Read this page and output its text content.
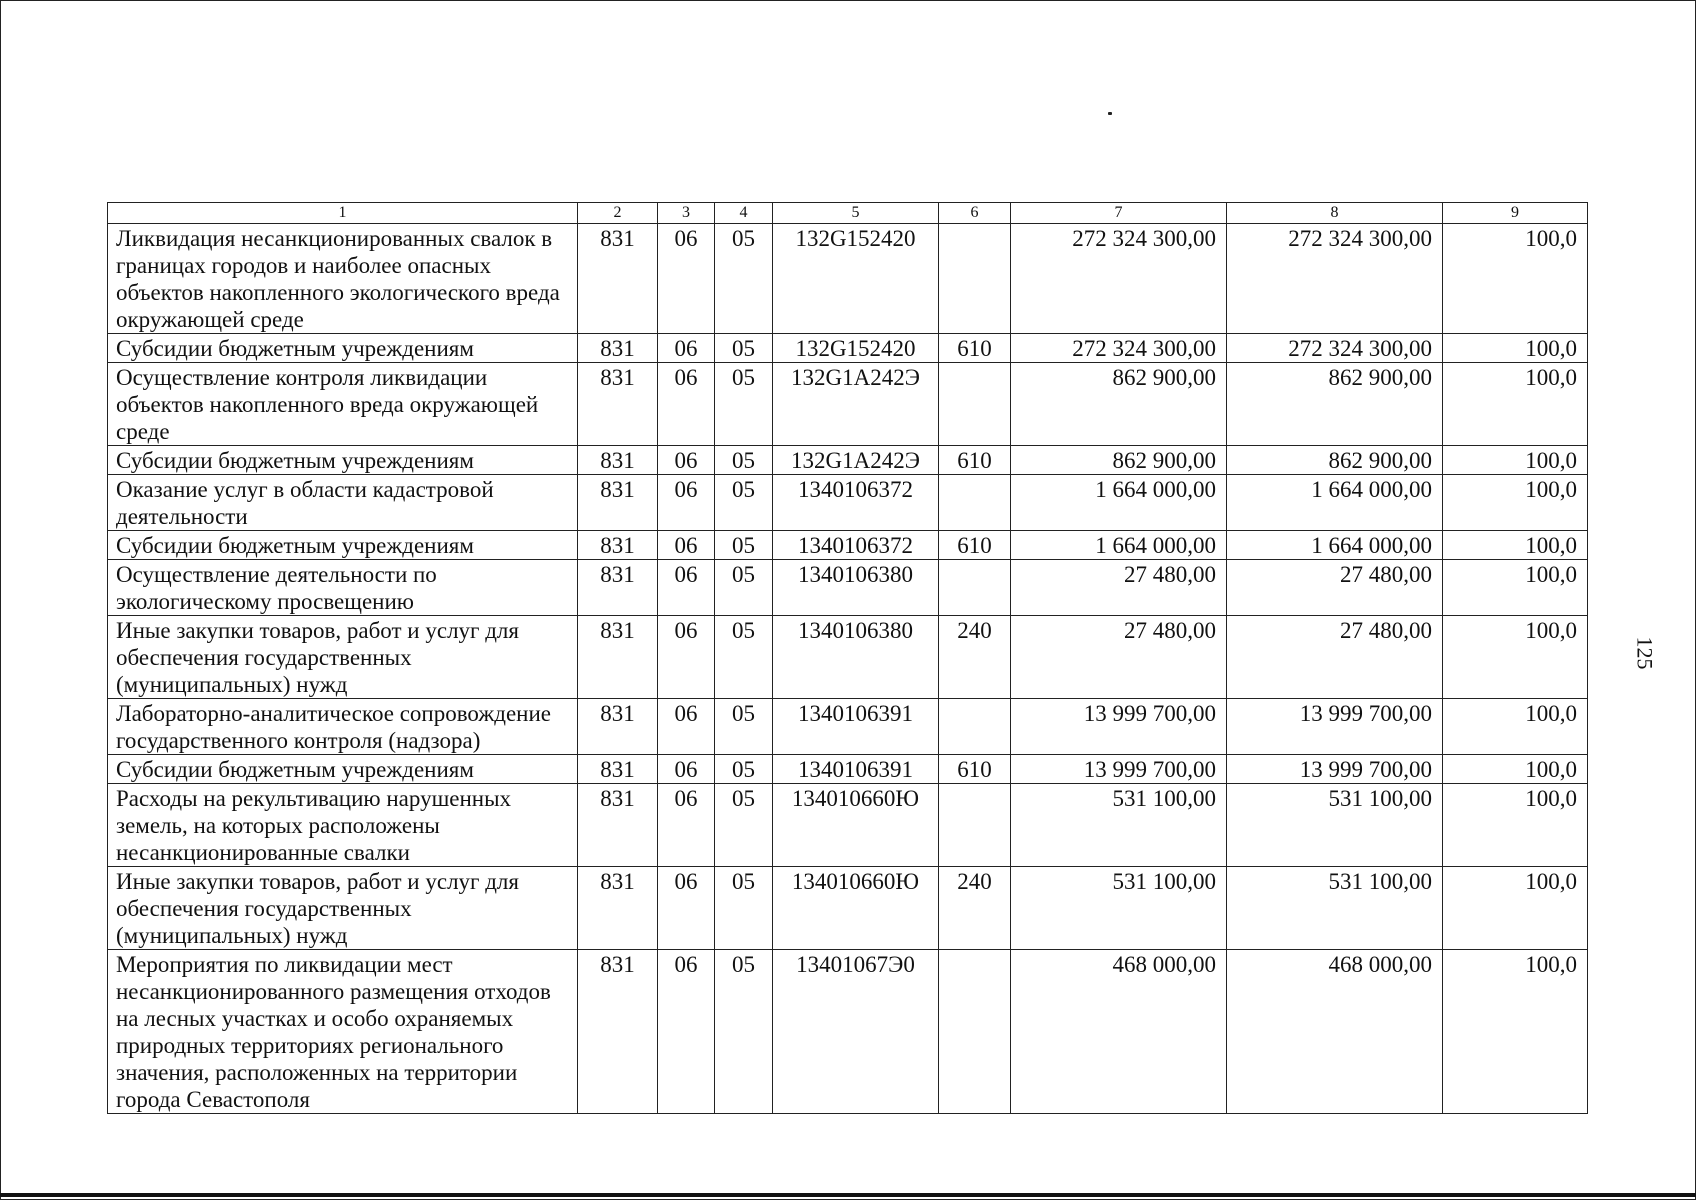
1	2	3	4	5	6	7	8	9
Ликвидация несанкционированных свалок в границах городов и наиболее опасных объектов накопленного экологического вреда окружающей среде	831	06	05	132G152420		272 324 300,00	272 324 300,00	100,0
Субсидии бюджетным учреждениям	831	06	05	132G152420	610	272 324 300,00	272 324 300,00	100,0
Осуществление контроля ликвидации объектов накопленного вреда окружающей среде	831	06	05	132G1A242Э		862 900,00	862 900,00	100,0
Субсидии бюджетным учреждениям	831	06	05	132G1A242Э	610	862 900,00	862 900,00	100,0
Оказание услуг в области кадастровой деятельности	831	06	05	1340106372		1 664 000,00	1 664 000,00	100,0
Субсидии бюджетным учреждениям	831	06	05	1340106372	610	1 664 000,00	1 664 000,00	100,0
Осуществление деятельности по экологическому просвещению	831	06	05	1340106380		27 480,00	27 480,00	100,0
Иные закупки товаров, работ и услуг для обеспечения государственных (муниципальных) нужд	831	06	05	1340106380	240	27 480,00	27 480,00	100,0
Лабораторно-аналитическое сопровождение государственного контроля (надзора)	831	06	05	1340106391		13 999 700,00	13 999 700,00	100,0
Субсидии бюджетным учреждениям	831	06	05	1340106391	610	13 999 700,00	13 999 700,00	100,0
Расходы на рекультивацию нарушенных земель, на которых расположены несанкционированные свалки	831	06	05	134010660Ю		531 100,00	531 100,00	100,0
Иные закупки товаров, работ и услуг для обеспечения государственных (муниципальных) нужд	831	06	05	134010660Ю	240	531 100,00	531 100,00	100,0
Мероприятия по ликвидации мест несанкционированного размещения отходов на лесных участках и особо охраняемых природных территориях регионального значения, расположенных на территории города Севастополя	831	06	05	13401067Э0		468 000,00	468 000,00	100,0
125
